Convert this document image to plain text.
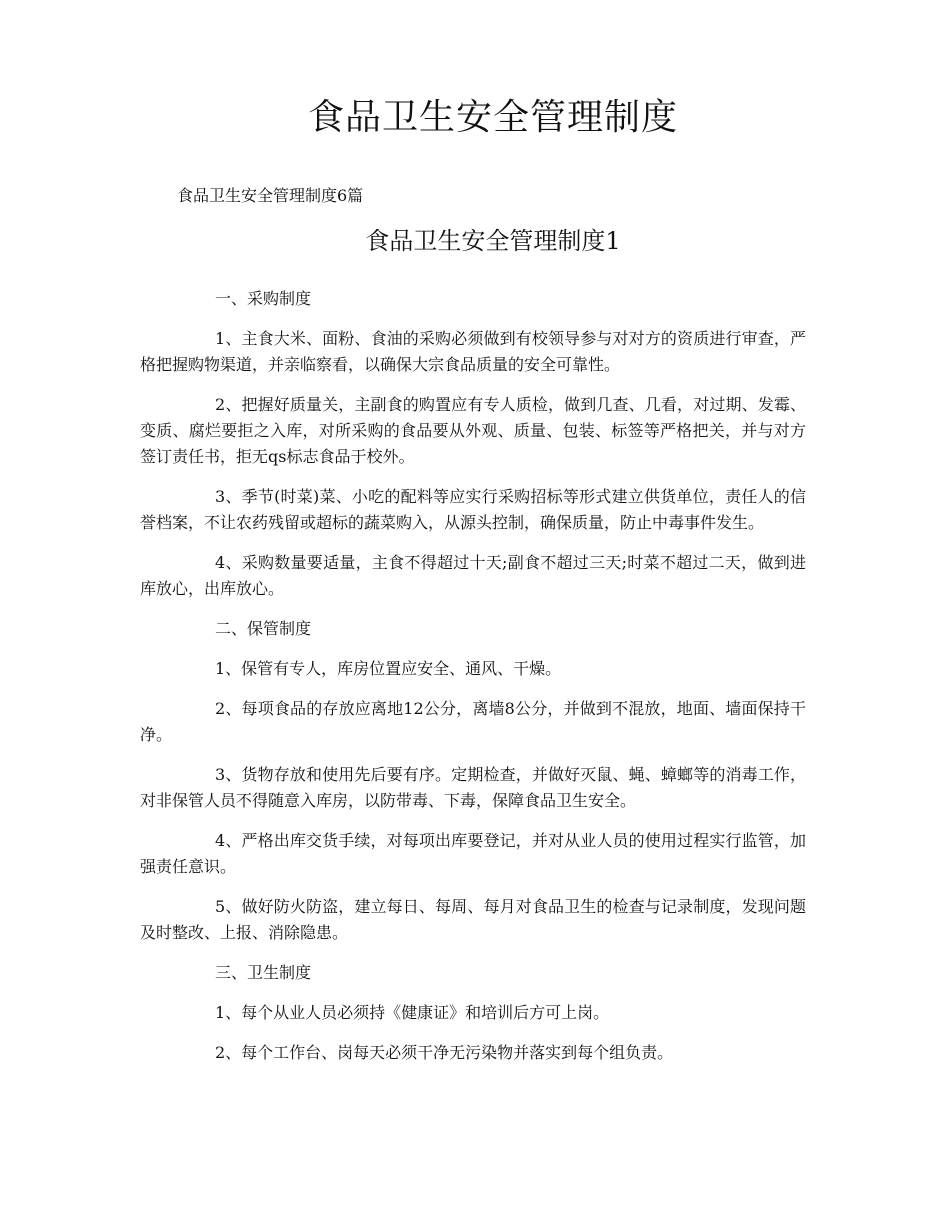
食品卫生安全管理制度
食品卫生安全管理制度6篇
食品卫生安全管理制度1

一、采购制度

1、主食大米、面粉、食油的采购必须做到有校领导参与对对方的资质进行审查，严格把握购物渠道，并亲临察看，以确保大宗食品质量的安全可靠性。

2、把握好质量关，主副食的购置应有专人质检，做到几查、几看，对过期、发霉、变质、腐烂要拒之入库，对所采购的食品要从外观、质量、包装、标签等严格把关，并与对方签订责任书，拒无qs标志食品于校外。

3、季节(时菜)菜、小吃的配料等应实行采购招标等形式建立供货单位，责任人的信誉档案，不让农药残留或超标的蔬菜购入，从源头控制，确保质量，防止中毒事件发生。

4、采购数量要适量，主食不得超过十天;副食不超过三天;时菜不超过二天，做到进库放心，出库放心。

二、保管制度

1、保管有专人，库房位置应安全、通风、干燥。

2、每项食品的存放应离地12公分，离墙8公分，并做到不混放，地面、墙面保持干净。

3、货物存放和使用先后要有序。定期检查，并做好灭鼠、蝇、蟑螂等的消毒工作，对非保管人员不得随意入库房，以防带毒、下毒，保障食品卫生安全。

4、严格出库交货手续，对每项出库要登记，并对从业人员的使用过程实行监管，加强责任意识。

5、做好防火防盗，建立每日、每周、每月对食品卫生的检查与记录制度，发现问题及时整改、上报、消除隐患。

三、卫生制度

1、每个从业人员必须持《健康证》和培训后方可上岗。

2、每个工作台、岗每天必须干净无污染物并落实到每个组负责。
